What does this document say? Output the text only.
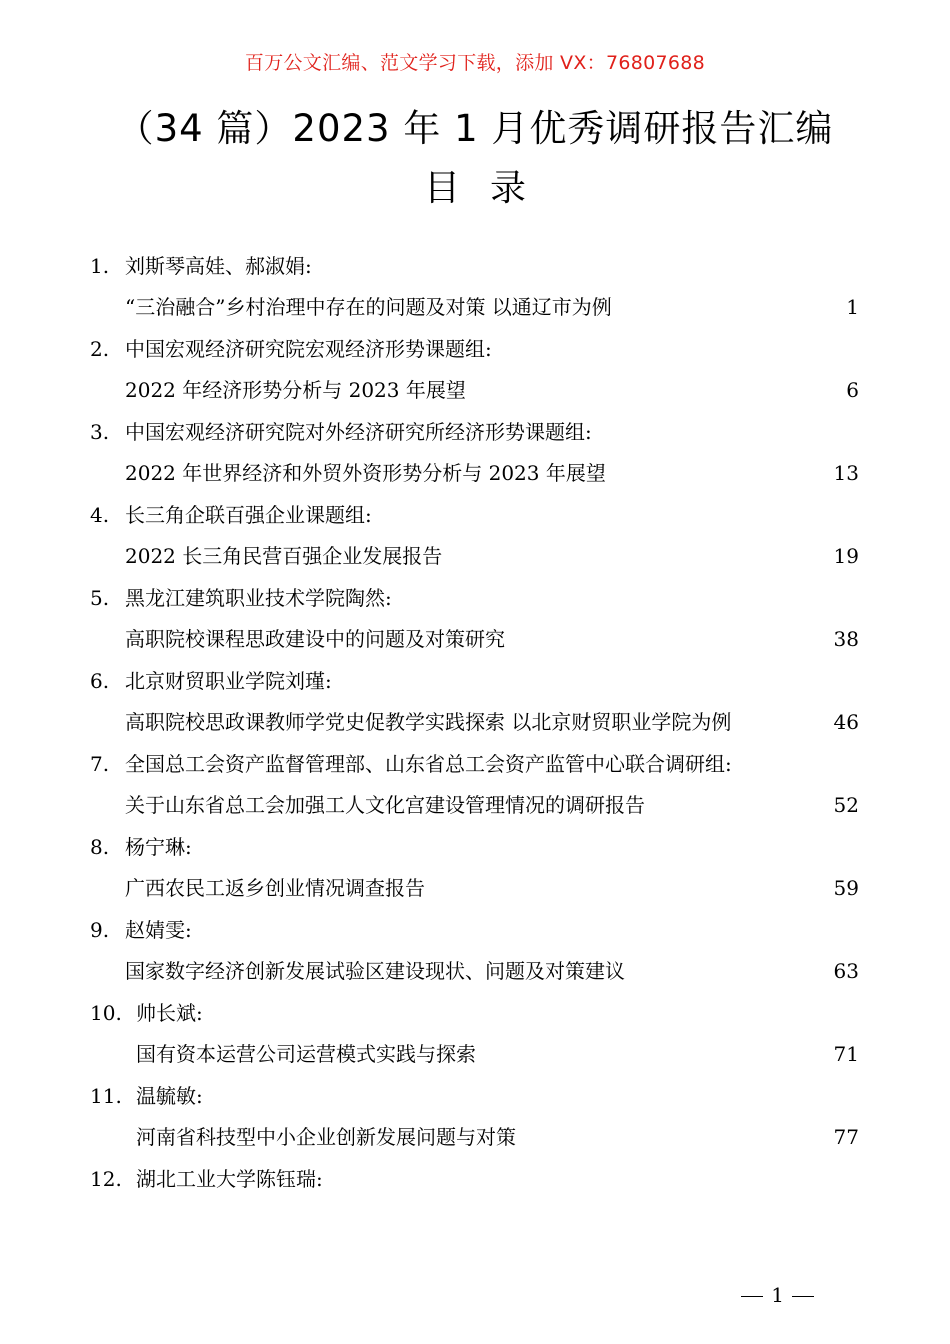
百万公文汇编、范文学习下载，添加 VX：76807688
（34 篇）2023 年 1 月优秀调研报告汇编
目录
1. 刘斯琴高娃、郝淑娟:
“三治融合”乡村治理中存在的问题及对策 以通辽市为例	1
2. 中国宏观经济研究院宏观经济形势课题组:
2022 年经济形势分析与 2023 年展望	6
3. 中国宏观经济研究院对外经济研究所经济形势课题组:
2022 年世界经济和外贸外资形势分析与 2023 年展望	13
4. 长三角企联百强企业课题组:
2022 长三角民营百强企业发展报告	19
5. 黑龙江建筑职业技术学院陶然:
高职院校课程思政建设中的问题及对策研究	38
6. 北京财贸职业学院刘瑾:
高职院校思政课教师学党史促教学实践探索 以北京财贸职业学院为例	46
7. 全国总工会资产监督管理部、山东省总工会资产监管中心联合调研组:
关于山东省总工会加强工人文化宫建设管理情况的调研报告	52
8. 杨宁琳:
广西农民工返乡创业情况调查报告	59
9. 赵婧雯:
国家数字经济创新发展试验区建设现状、问题及对策建议	63
10. 帅长斌:
国有资本运营公司运营模式实践与探索	71
11. 温毓敏:
河南省科技型中小企业创新发展问题与对策	77
12. 湖北工业大学陈钰瑞:
1
